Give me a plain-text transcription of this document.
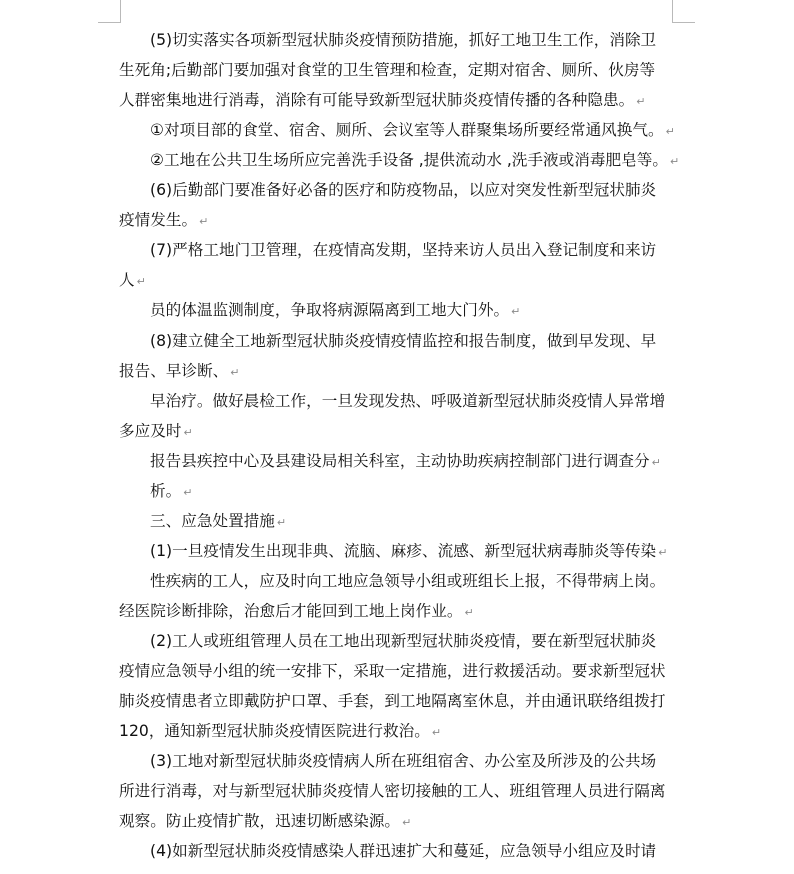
(5)切实落实各项新型冠状肺炎疫情预防措施，抓好工地卫生工作，消除卫
生死角;后勤部门要加强对食堂的卫生管理和检查，定期对宿舍、厕所、伙房等
人群密集地进行消毒，消除有可能导致新型冠状肺炎疫情传播的各种隐患。 ↵
①对项目部的食堂、宿舍、厕所、会议室等人群聚集场所要经常通风换气。 ↵
②工地在公共卫生场所应完善洗手设备 ,提供流动水 ,洗手液或消毒肥皂等。 ↵
(6)后勤部门要准备好必备的医疗和防疫物品，以应对突发性新型冠状肺炎
疫情发生。 ↵
(7)严格工地门卫管理，在疫情高发期，坚持来访人员出入登记制度和来访
人 ↵
员的体温监测制度，争取将病源隔离到工地大门外。 ↵
(8)建立健全工地新型冠状肺炎疫情疫情监控和报告制度，做到早发现、早
报告、早诊断、 ↵
早治疗。做好晨检工作，一旦发现发热、呼吸道新型冠状肺炎疫情人异常增
多应及时 ↵
报告县疾控中心及县建设局相关科室，主动协助疾病控制部门进行调查分 ↵
析。 ↵
三、应急处置措施 ↵
(1)一旦疫情发生出现非典、流脑、麻疹、流感、新型冠状病毒肺炎等传染 ↵
性疾病的工人，应及时向工地应急领导小组或班组长上报，不得带病上岗。
经医院诊断排除，治愈后才能回到工地上岗作业。 ↵
(2)工人或班组管理人员在工地出现新型冠状肺炎疫情，要在新型冠状肺炎
疫情应急领导小组的统一安排下，采取一定措施，进行救援活动。要求新型冠状
肺炎疫情患者立即戴防护口罩、手套，到工地隔离室休息，并由通讯联络组拨打
120，通知新型冠状肺炎疫情医院进行救治。 ↵
(3)工地对新型冠状肺炎疫情病人所在班组宿舍、办公室及所涉及的公共场
所进行消毒，对与新型冠状肺炎疫情人密切接触的工人、班组管理人员进行隔离
观察。防止疫情扩散，迅速切断感染源。 ↵
(4)如新型冠状肺炎疫情感染人群迅速扩大和蔓延，应急领导小组应及时请
